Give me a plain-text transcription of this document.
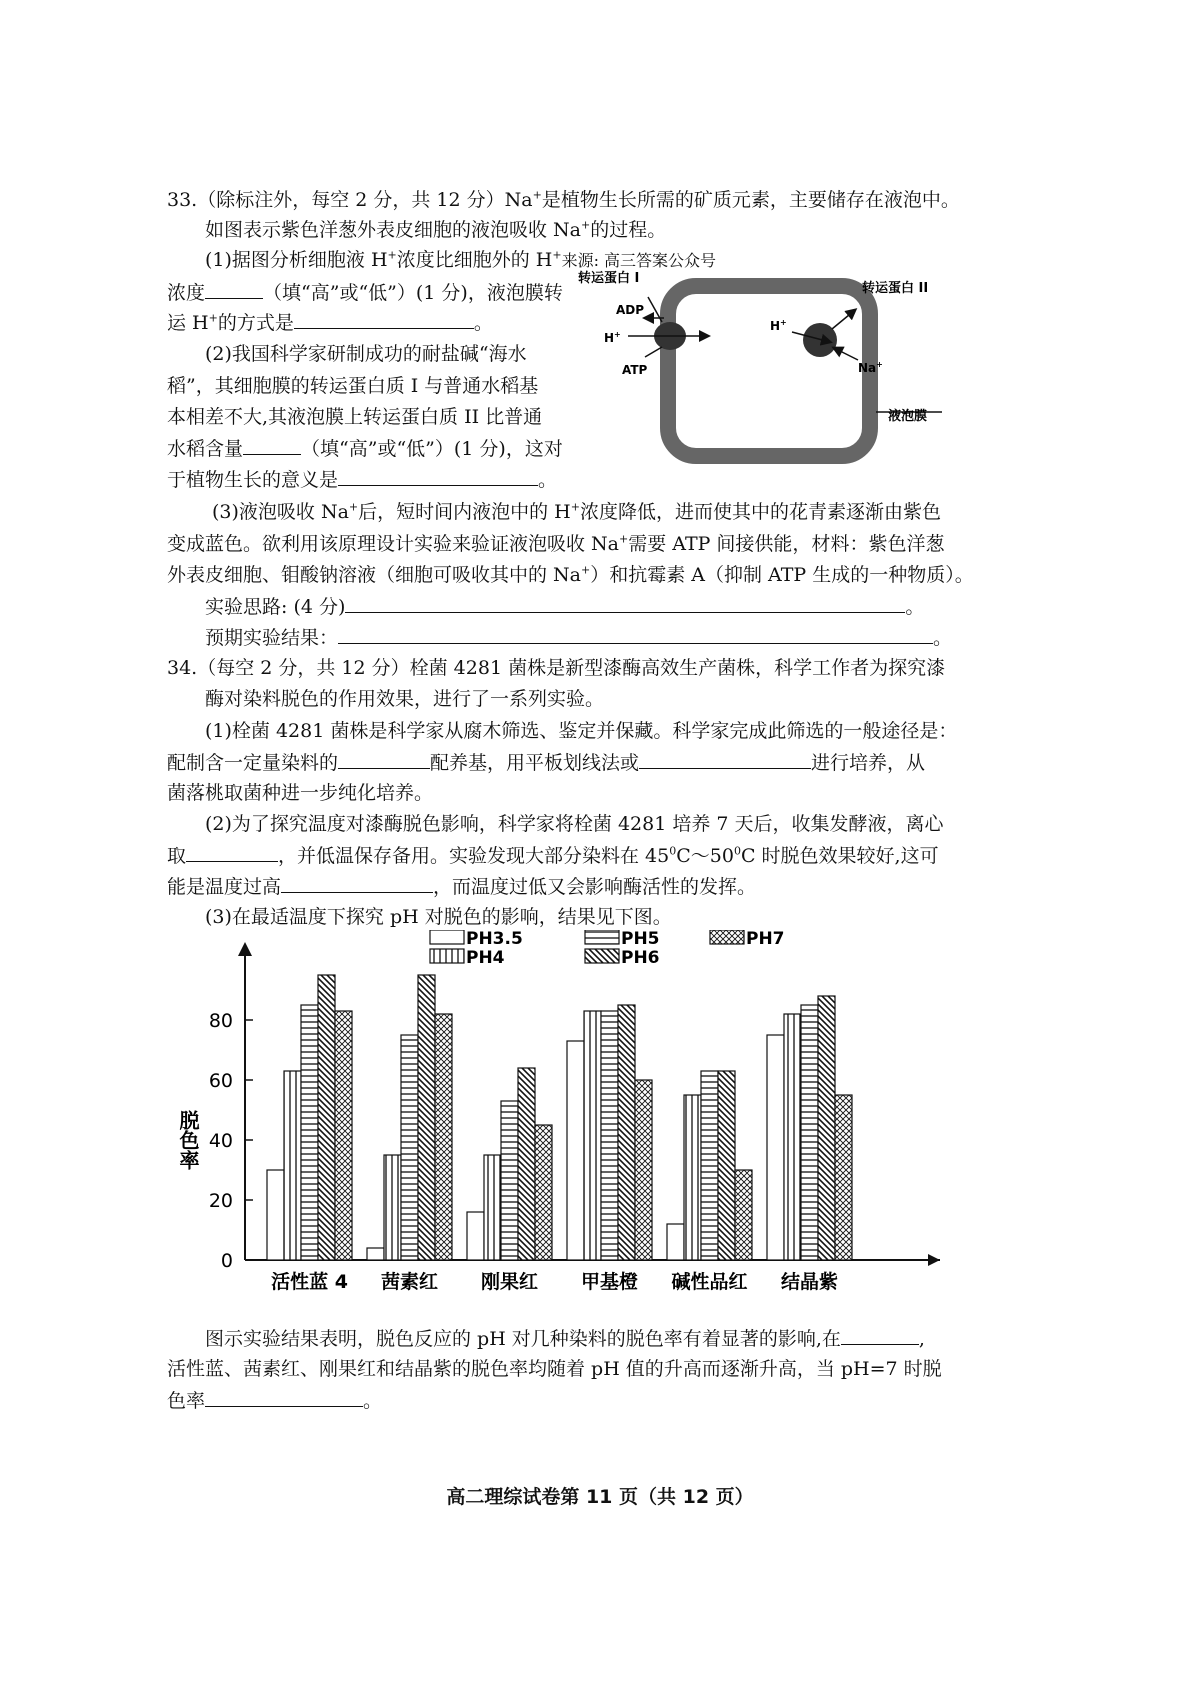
33.（除标注外，每空 2 分，共 12 分）Na+是植物生长所需的矿质元素，主要储存在液泡中。
如图表示紫色洋葱外表皮细胞的液泡吸收 Na+的过程。
(1)据图分析细胞液 H+浓度比细胞外的 H+来源: 高三答案公众号
浓度	（填“高”或“低”）(1 分)，液泡膜转
运 H+的方式是	。
(2)我国科学家研制成功的耐盐碱“海水
稻”，其细胞膜的转运蛋白质 I 与普通水稻基
本相差不大,其液泡膜上转运蛋白质 II 比普通
水稻含量	（填“高”或“低”）(1 分)，这对
于植物生长的意义是	。
转运蛋白 I
ADP
H+
ATP
转运蛋白 II
H+
Na+
液泡膜
(3)液泡吸收 Na+后，短时间内液泡中的 H+浓度降低，进而使其中的花青素逐渐由紫色
变成蓝色。欲利用该原理设计实验来验证液泡吸收 Na+需要 ATP 间接供能，材料：紫色洋葱
外表皮细胞、钼酸钠溶液（细胞可吸收其中的 Na+）和抗霉素 A（抑制 ATP 生成的一种物质）。
实验思路: (4 分)	。
预期实验结果：	。
34.（每空 2 分，共 12 分）栓菌 4281 菌株是新型漆酶高效生产菌株，科学工作者为探究漆
酶对染料脱色的作用效果，进行了一系列实验。
(1)栓菌 4281 菌株是科学家从腐木筛选、鉴定并保藏。科学家完成此筛选的一般途径是：
配制含一定量染料的	配养基，用平板划线法或	进行培养，从
菌落桃取菌种进一步纯化培养。
(2)为了探究温度对漆酶脱色影响，科学家将栓菌 4281 培养 7 天后，收集发酵液，离心
取	，并低温保存备用。实验发现大部分染料在 $45^0C\sim 50^0C$ 时脱色效果较好,这可
能是温度过高	，而温度过低又会影响酶活性的发挥。
(3)在最适温度下探究 pH 对脱色的影响，结果见下图。
0
20
40
60
80
活性蓝 4 茜素红 刚果红 甲基橙 碱性品红 结晶紫
PH3.5
PH4
PH5
PH6
PH7
脱色率
图示实验结果表明，脱色反应的 pH 对几种染料的脱色率有着显著的影响,在	,
活性蓝、茜素红、刚果红和结晶紫的脱色率均随着 pH 值的升高而逐渐升高，当 pH=7 时脱
色率	。
高二理综试卷第 11 页（共 12 页）
